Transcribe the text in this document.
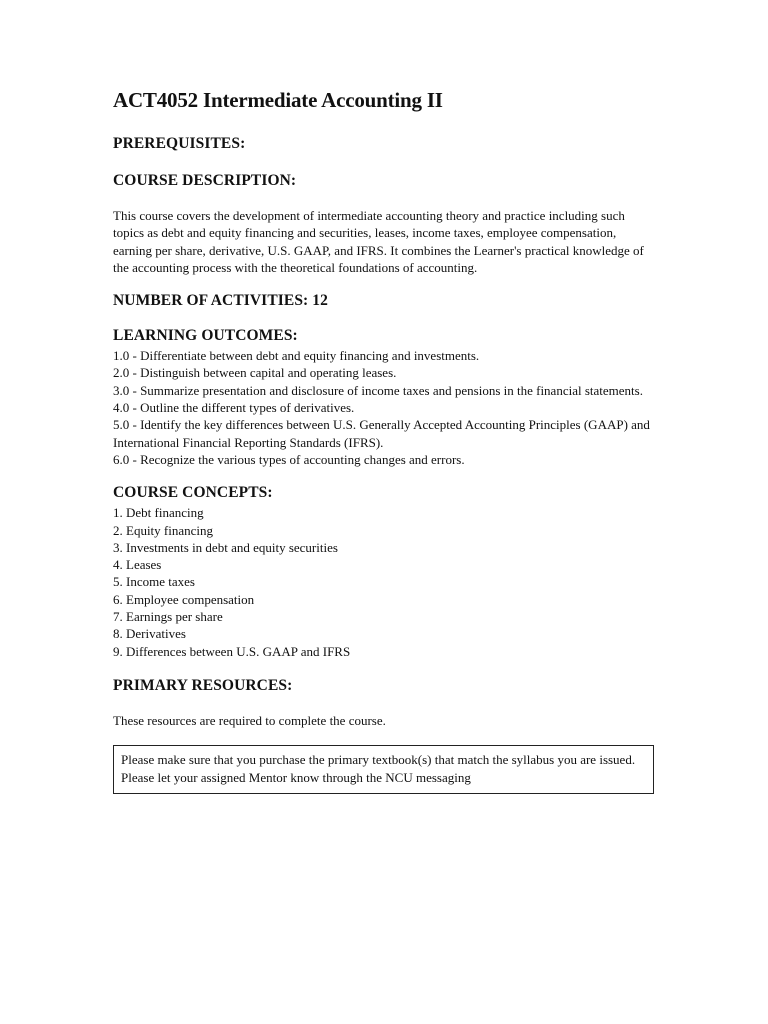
ACT4052 Intermediate Accounting II
PREREQUISITES:
COURSE DESCRIPTION:

This course covers the development of intermediate accounting theory and practice including such topics as debt and equity financing and securities, leases, income taxes, employee compensation, earning per share, derivative, U.S. GAAP, and IFRS. It combines the Learner's practical knowledge of the accounting process with the theoretical foundations of accounting.

NUMBER OF ACTIVITIES: 12
LEARNING OUTCOMES:
1.0 - Differentiate between debt and equity financing and investments.
2.0 - Distinguish between capital and operating leases.
3.0 - Summarize presentation and disclosure of income taxes and pensions in the financial statements.
4.0 - Outline the different types of derivatives.
5.0 - Identify the key differences between U.S. Generally Accepted Accounting Principles (GAAP) and International Financial Reporting Standards (IFRS).
6.0 - Recognize the various types of accounting changes and errors.
COURSE CONCEPTS:
1. Debt financing
2. Equity financing
3. Investments in debt and equity securities
4. Leases
5. Income taxes
6. Employee compensation
7. Earnings per share
8. Derivatives
9. Differences between U.S. GAAP and IFRS
PRIMARY RESOURCES:

These resources are required to complete the course.

Please make sure that you purchase the primary textbook(s) that match the syllabus you are issued. Please let your assigned Mentor know through the NCU messaging
